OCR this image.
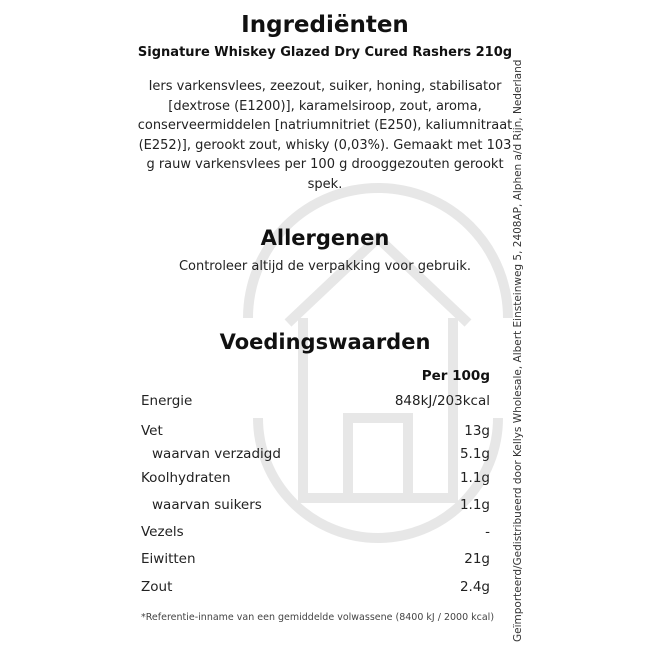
Ingrediënten
Signature Whiskey Glazed Dry Cured Rashers 210g
Iers varkensvlees, zeezout, suiker, honing, stabilisator [dextrose (E1200)], karamelsiroop, zout, aroma, conserveermiddelen [natriumnitriet (E250), kaliumnitraat (E252)], gerookt zout, whisky (0,03%). Gemaakt met 103 g rauw varkensvlees per 100 g drooggezouten gerookt spek.
Allergenen
Controleer altijd de verpakking voor gebruik.
Voedingswaarden
Per 100g
Energie	848kJ/203kcal
Vet	13g
waarvan verzadigd	5.1g
Koolhydraten	1.1g
waarvan suikers	1.1g
Vezels	-
Eiwitten	21g
Zout	2.4g
*Referentie-inname van een gemiddelde volwassene (8400 kJ / 2000 kcal) Geïmporteerd/Gedistribueerd door Kellys Wholesale, Albert Einsteinweg 5, 2408AP, Alphen a/d Rijn, Nederland
